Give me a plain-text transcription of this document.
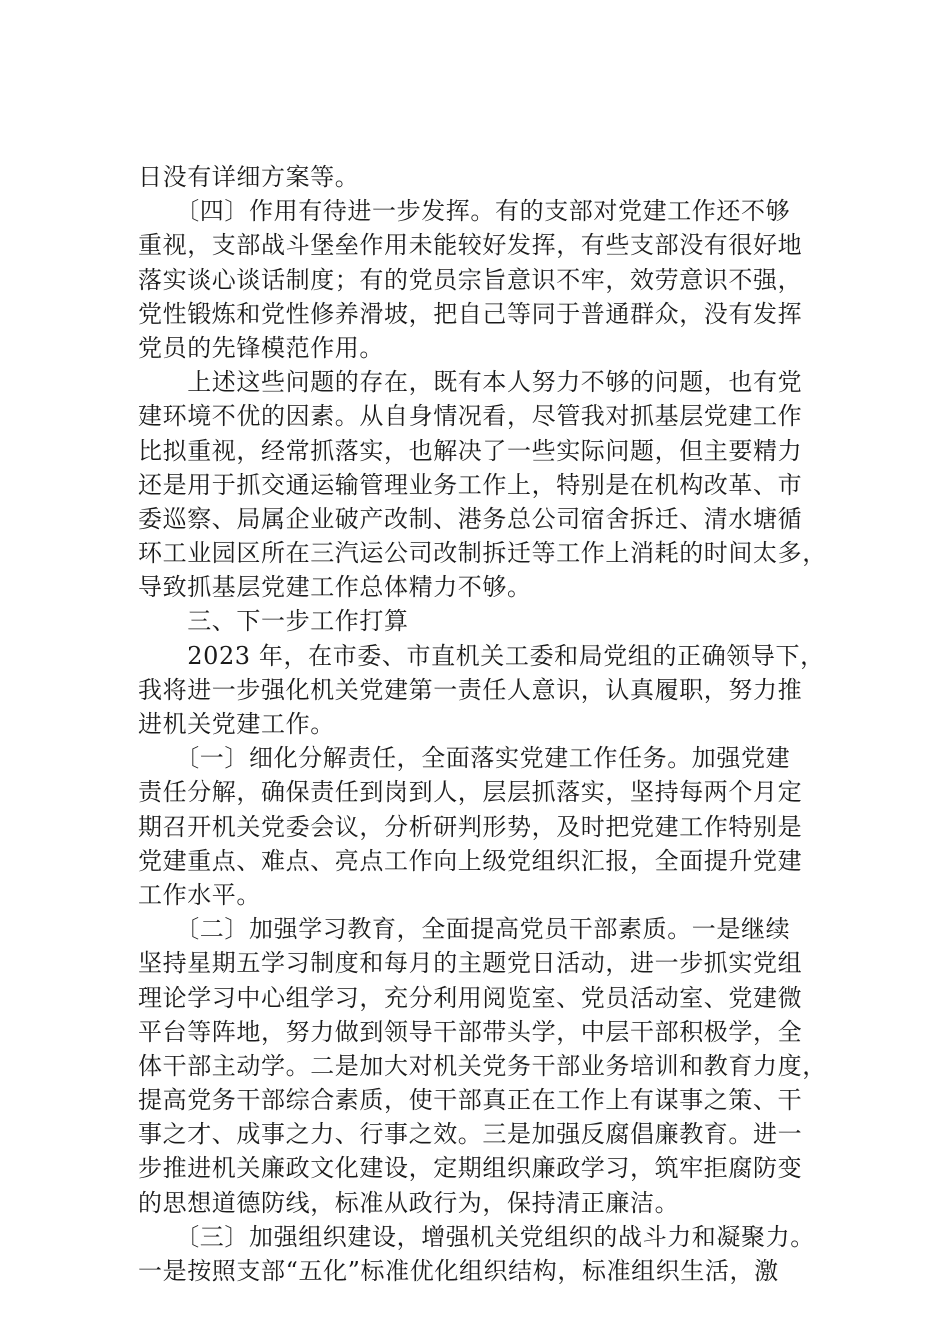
日没有详细方案等。
　　〔四〕作用有待进一步发挥。有的支部对党建工作还不够
重视，支部战斗堡垒作用未能较好发挥，有些支部没有很好地
落实谈心谈话制度；有的党员宗旨意识不牢，效劳意识不强，
党性锻炼和党性修养滑坡，把自己等同于普通群众，没有发挥
党员的先锋模范作用。
　　上述这些问题的存在，既有本人努力不够的问题，也有党
建环境不优的因素。从自身情况看，尽管我对抓基层党建工作
比拟重视，经常抓落实，也解决了一些实际问题，但主要精力
还是用于抓交通运输管理业务工作上，特别是在机构改革、市
委巡察、局属企业破产改制、港务总公司宿舍拆迁、清水塘循
环工业园区所在三汽运公司改制拆迁等工作上消耗的时间太多，
导致抓基层党建工作总体精力不够。
　　三、下一步工作打算
　　2023 年，在市委、市直机关工委和局党组的正确领导下，
我将进一步强化机关党建第一责任人意识，认真履职，努力推
进机关党建工作。
　　〔一〕细化分解责任，全面落实党建工作任务。加强党建
责任分解，确保责任到岗到人，层层抓落实，坚持每两个月定
期召开机关党委会议，分析研判形势，及时把党建工作特别是
党建重点、难点、亮点工作向上级党组织汇报，全面提升党建
工作水平。
　　〔二〕加强学习教育，全面提高党员干部素质。一是继续
坚持星期五学习制度和每月的主题党日活动，进一步抓实党组
理论学习中心组学习，充分利用阅览室、党员活动室、党建微
平台等阵地，努力做到领导干部带头学，中层干部积极学，全
体干部主动学。二是加大对机关党务干部业务培训和教育力度，
提高党务干部综合素质，使干部真正在工作上有谋事之策、干
事之才、成事之力、行事之效。三是加强反腐倡廉教育。进一
步推进机关廉政文化建设，定期组织廉政学习，筑牢拒腐防变
的思想道德防线，标准从政行为，保持清正廉洁。
　　〔三〕加强组织建设，增强机关党组织的战斗力和凝聚力。
一是按照支部“五化”标准优化组织结构，标准组织生活，激
